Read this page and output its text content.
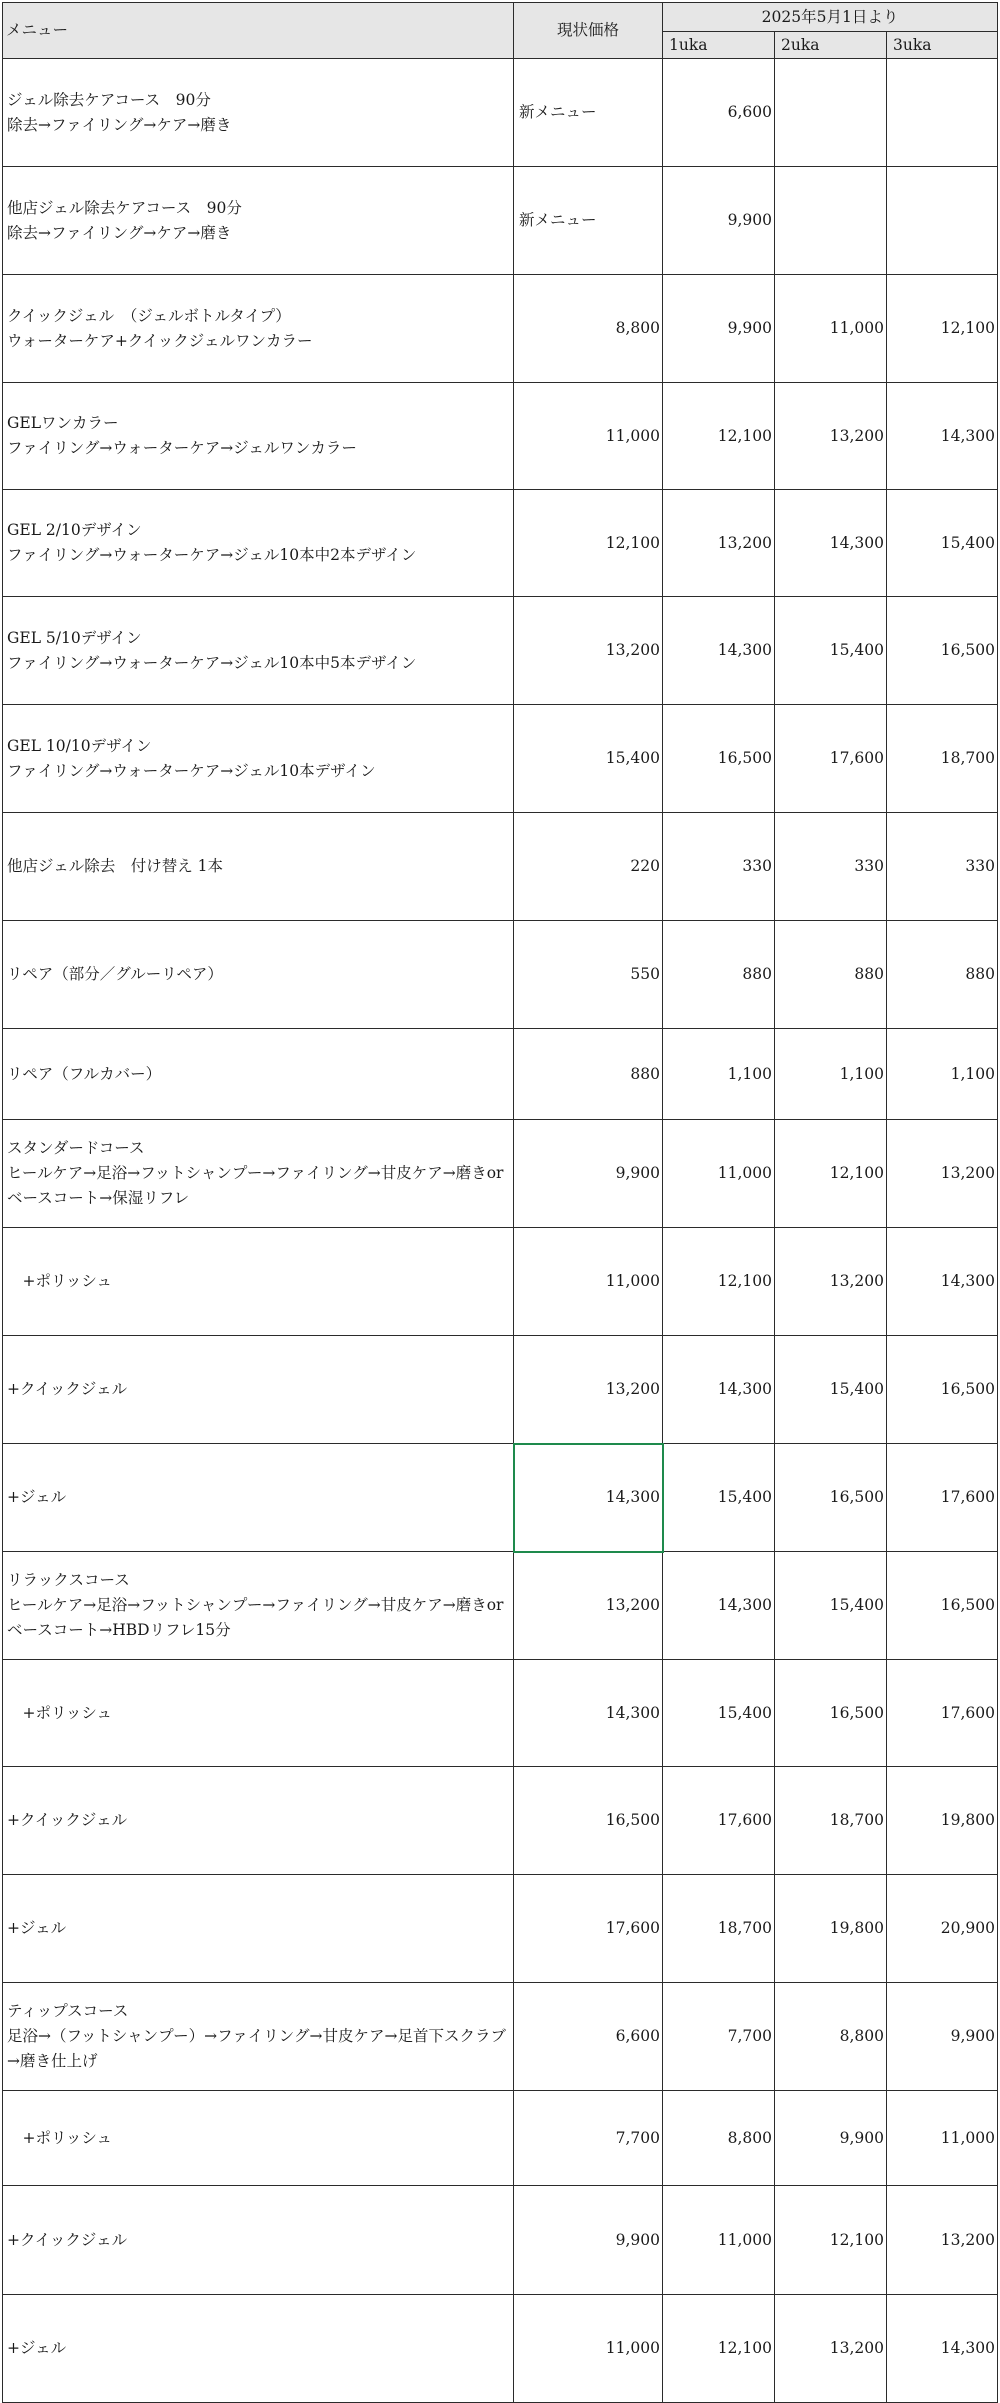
メニュー	現状価格	2025年5月1日より		
		1uka	2uka	3uka

ジェル除去ケアコース　90分
除去→ファイリング→ケア→磨き	新メニュー	6,600		

他店ジェル除去ケアコース　90分
除去→ファイリング→ケア→磨き	新メニュー	9,900		

クイックジェル　（ジェルボトルタイプ）
ウォーターケア+クイックジェルワンカラー	8,800	9,900	11,000	12,100

GELワンカラー
ファイリング→ウォーターケア→ジェルワンカラー	11,000	12,100	13,200	14,300

GEL 2/10デザイン
ファイリング→ウォーターケア→ジェル10本中2本デザイン	12,100	13,200	14,300	15,400

GEL 5/10デザイン
ファイリング→ウォーターケア→ジェル10本中5本デザイン	13,200	14,300	15,400	16,500

GEL 10/10デザイン
ファイリング→ウォーターケア→ジェル10本デザイン	15,400	16,500	17,600	18,700

他店ジェル除去　付け替え 1本	220	330	330	330

リペア（部分／グルーリペア）	550	880	880	880

リペア（フルカバー）	880	1,100	1,100	1,100

スタンダードコース
ヒールケア→足浴→フットシャンプー→ファイリング→甘皮ケア→磨きorベースコート→保湿リフレ	9,900	11,000	12,100	13,200

　+ポリッシュ	11,000	12,100	13,200	14,300

+クイックジェル	13,200	14,300	15,400	16,500

+ジェル	14,300	15,400	16,500	17,600

リラックスコース
ヒールケア→足浴→フットシャンプー→ファイリング→甘皮ケア→磨きorベースコート→HBDリフレ15分	13,200	14,300	15,400	16,500

　+ポリッシュ	14,300	15,400	16,500	17,600

+クイックジェル	16,500	17,600	18,700	19,800

+ジェル	17,600	18,700	19,800	20,900

ティップスコース
足浴→（フットシャンプー）→ファイリング→甘皮ケア→足首下スクラブ→磨き仕上げ	6,600	7,700	8,800	9,900

　+ポリッシュ	7,700	8,800	9,900	11,000

+クイックジェル	9,900	11,000	12,100	13,200

+ジェル	11,000	12,100	13,200	14,300
